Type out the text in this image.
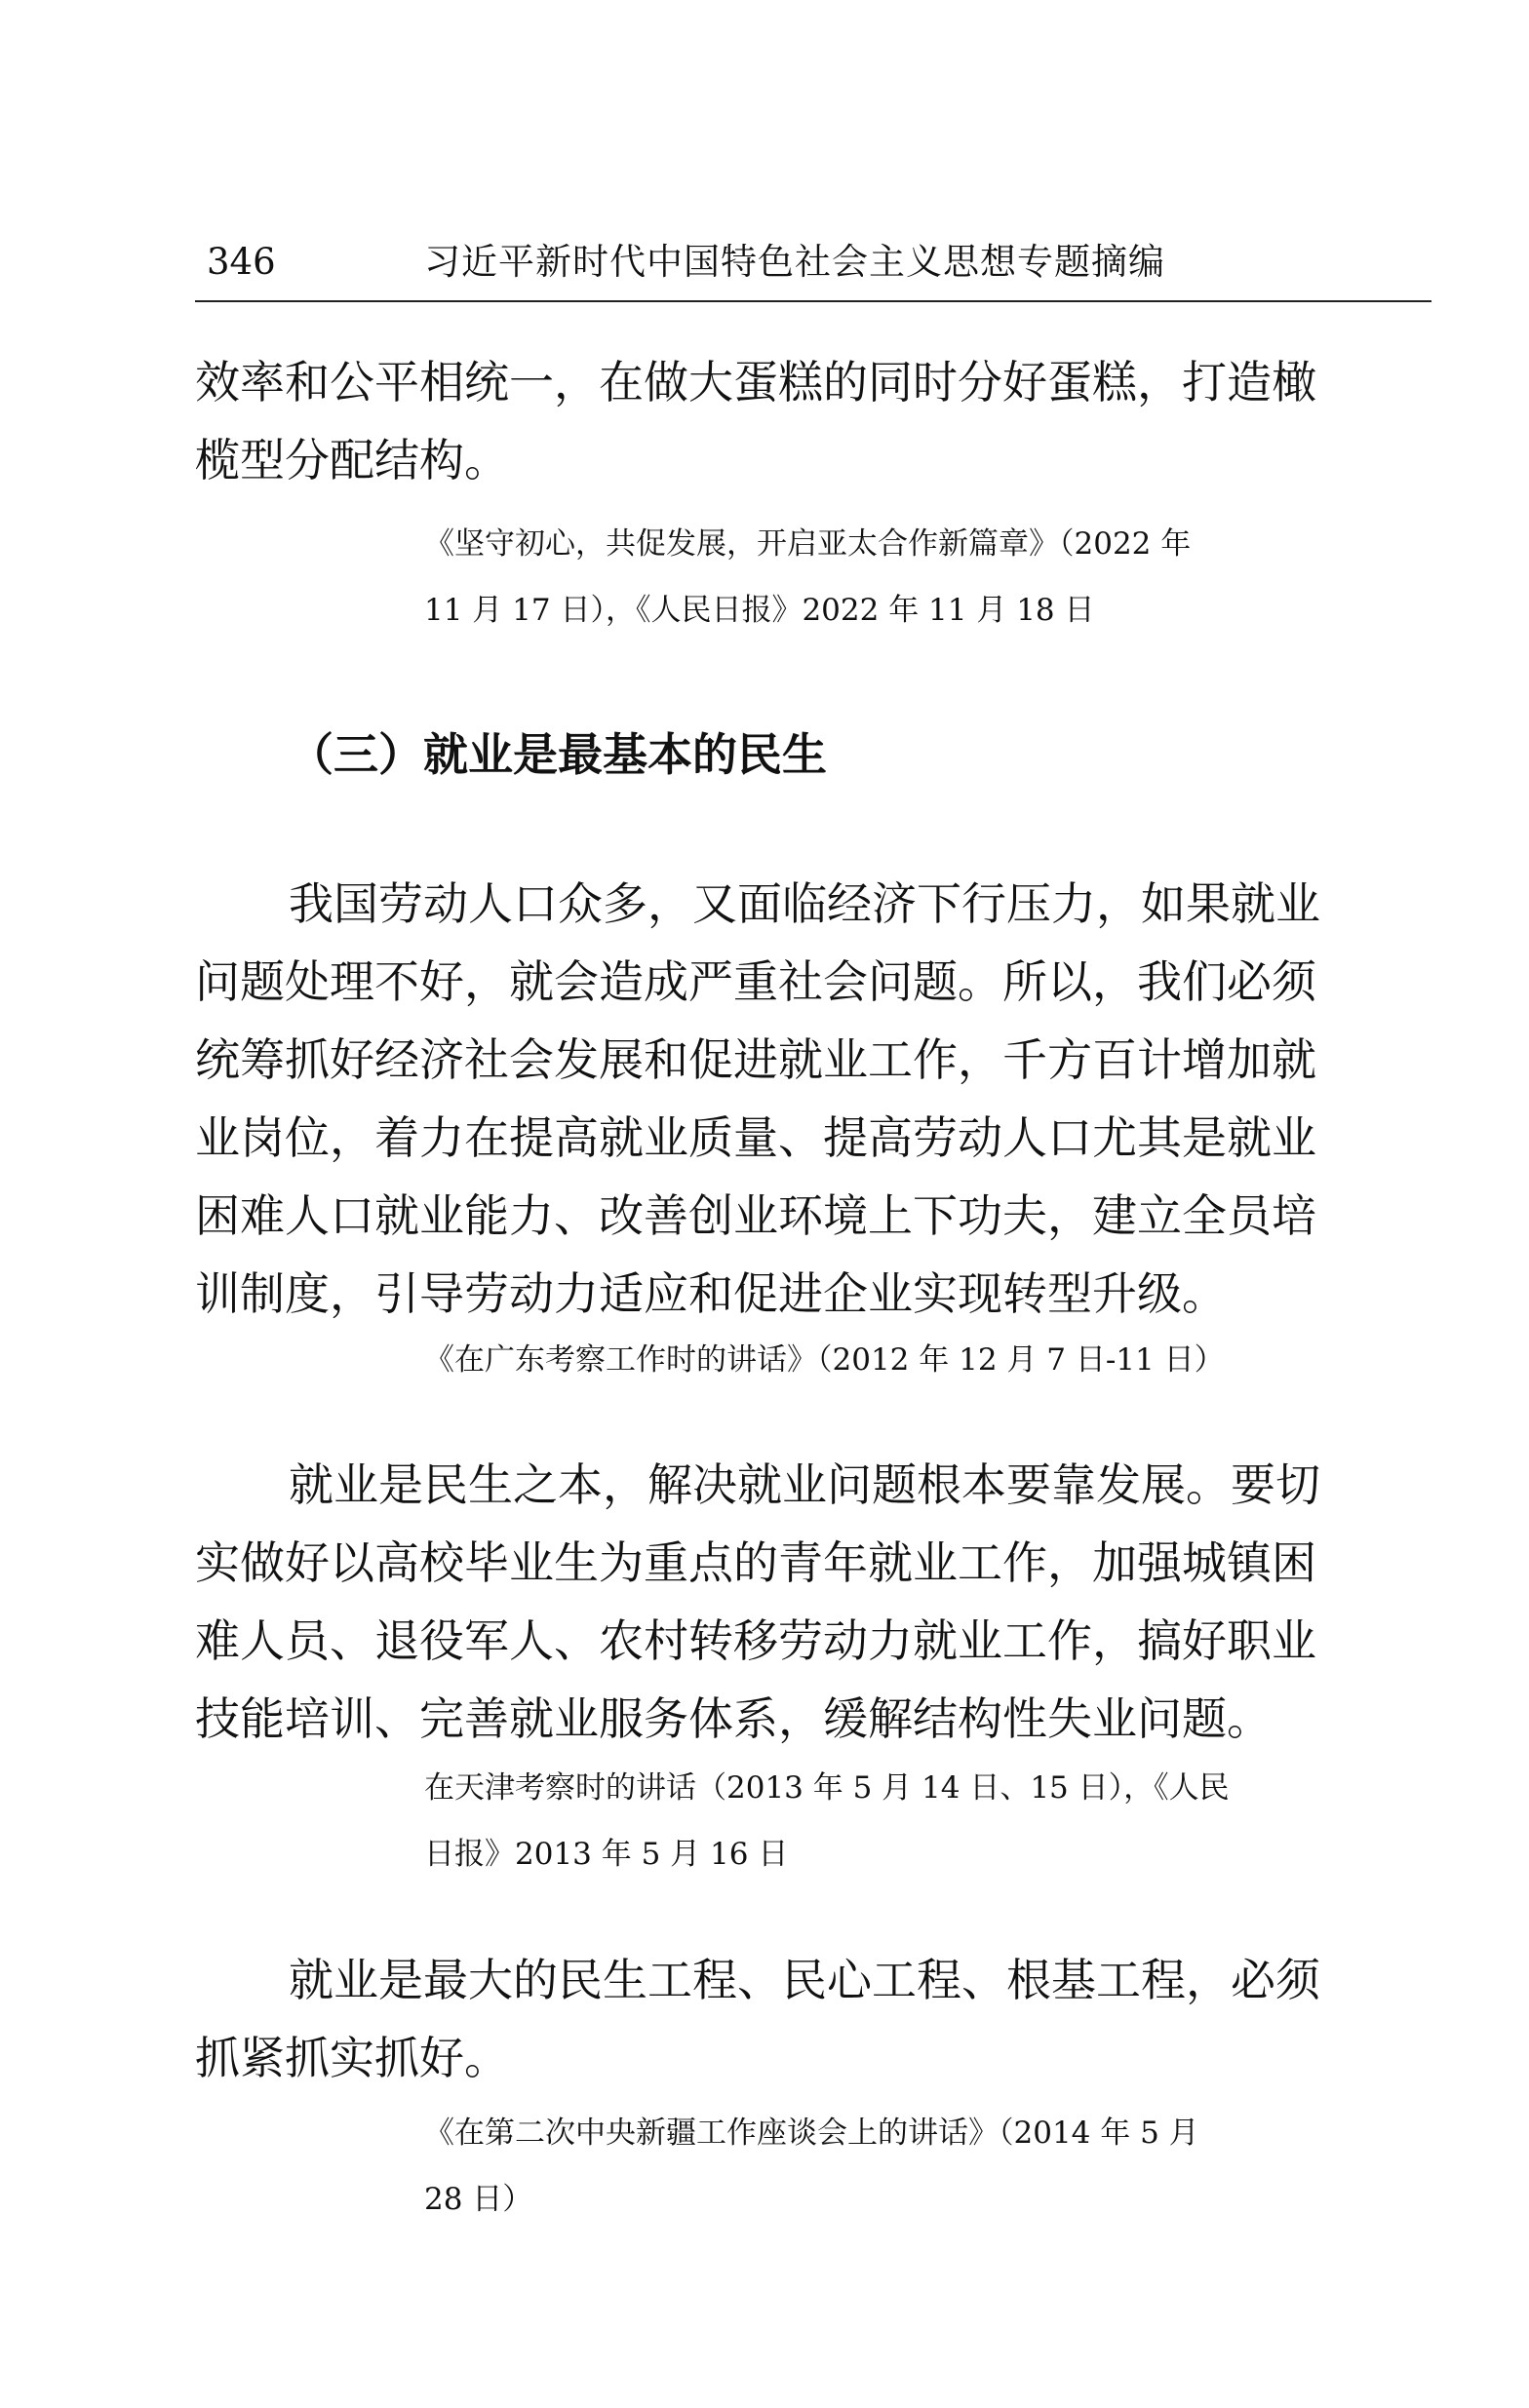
346	习近平新时代中国特色社会主义思想专题摘编

效率和公平相统一，在做大蛋糕的同时分好蛋糕，打造橄
榄型分配结构。

《坚守初心，共促发展，开启亚太合作新篇章》（2022 年
11 月 17 日），《人民日报》2022 年 11 月 18 日

（三）就业是最基本的民生

我国劳动人口众多，又面临经济下行压力，如果就业
问题处理不好，就会造成严重社会问题。所以，我们必须
统筹抓好经济社会发展和促进就业工作，千方百计增加就
业岗位，着力在提高就业质量、提高劳动人口尤其是就业
困难人口就业能力、改善创业环境上下功夫，建立全员培
训制度，引导劳动力适应和促进企业实现转型升级。

《在广东考察工作时的讲话》（2012 年 12 月 7 日-11 日）

就业是民生之本，解决就业问题根本要靠发展。要切
实做好以高校毕业生为重点的青年就业工作，加强城镇困
难人员、退役军人、农村转移劳动力就业工作，搞好职业
技能培训、完善就业服务体系，缓解结构性失业问题。

在天津考察时的讲话（2013 年 5 月 14 日、15 日），《人民
日报》2013 年 5 月 16 日

就业是最大的民生工程、民心工程、根基工程，必须
抓紧抓实抓好。

《在第二次中央新疆工作座谈会上的讲话》（2014 年 5 月
28 日）
